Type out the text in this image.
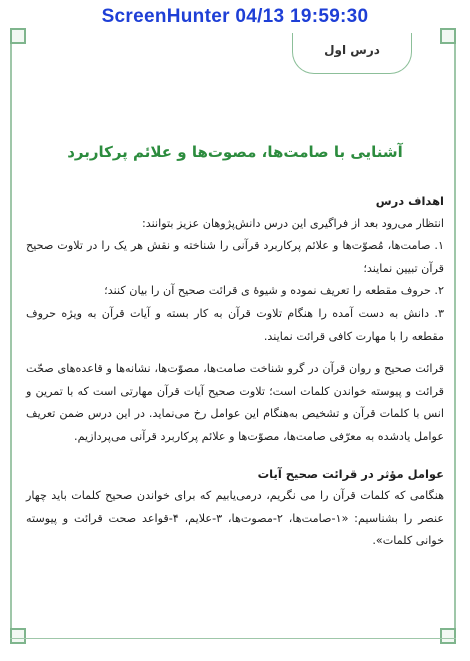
ScreenHunter 04/13 19:59:30
درس اول
آشنایی با صامت‌ها، مصوت‌ها و علائم پرکاربرد

اهداف درس

انتظار می‌رود بعد از فراگیری این درس دانش‌پژوهان عزیز بتوانند:

۱. صامت‌ها، مُصوّت‌ها و علائم پرکاربرد قرآنی را شناخته و نقش هر یک را در تلاوت صحیح قرآن تبیین نمایند؛

۲. حروف مقطعه را تعریف نموده و شیوهٔ ی قرائت صحیح آن را بیان کنند؛

۳. دانش به دست آمده را هنگام تلاوت قرآن به کار بسته و آیات قرآن به ویژه حروف مقطعه را با مهارت کافی قرائت نمایند.

قرائت صحیح و روان قرآن در گرو شناخت صامت‌ها، مصوّت‌ها، نشانه‌ها و قاعده‌های صحّت قرائت و پیوسته خواندن کلمات است؛ تلاوت صحیح آیات قرآن مهارتی است که با تمرین و انس با کلمات قرآن و تشخیص به‌هنگام این عوامل رخ می‌نماید. در این درس ضمن تعریف عوامل یادشده به معرّفی صامت‌ها، مصوّت‌ها و علائم پرکاربرد قرآنی می‌پردازیم.

عوامل مؤثر در قرائت صحیح آیات

هنگامی که کلمات قرآن را می نگریم، درمی‌یابیم که برای خواندن صحیح کلمات باید چهار عنصر را بشناسیم: «۱-صامت‌ها، ۲-مصوت‌ها، ۳-علایم، ۴-قواعد صحت قرائت و پیوسته خوانی کلمات».
